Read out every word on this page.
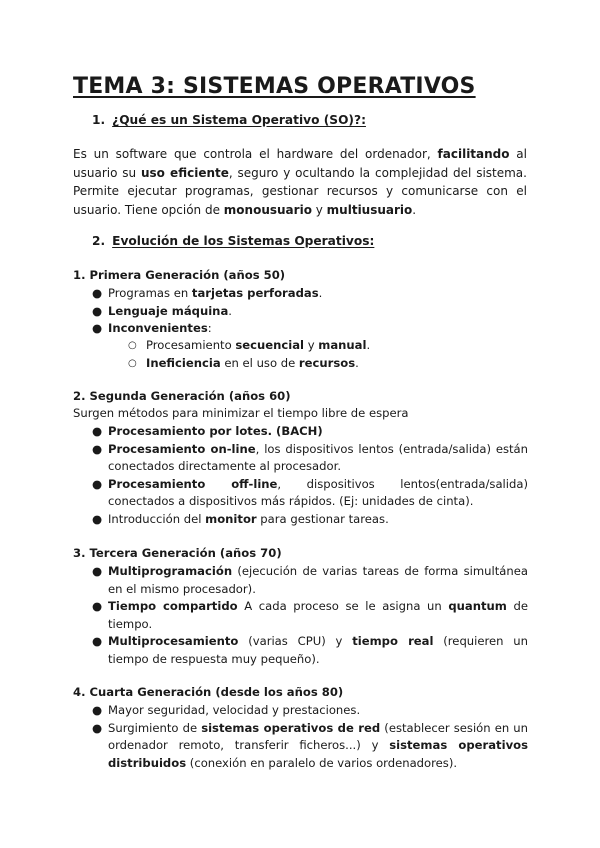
TEMA 3: SISTEMAS OPERATIVOS
1. ¿Qué es un Sistema Operativo (SO)?:

Es un software que controla el hardware del ordenador, facilitando al usuario su uso eficiente, seguro y ocultando la complejidad del sistema. Permite ejecutar programas, gestionar recursos y comunicarse con el usuario. Tiene opción de monousuario y multiusuario.

2. Evolución de los Sistemas Operativos:

1. Primera Generación (años 50)

● Programas en tarjetas perforadas.
● Lenguaje máquina.
● Inconvenientes:
○ Procesamiento secuencial y manual.
○ Ineficiencia en el uso de recursos.

2. Segunda Generación (años 60)

Surgen métodos para minimizar el tiempo libre de espera

● Procesamiento por lotes. (BACH)
● Procesamiento on-line, los dispositivos lentos (entrada/salida) están conectados directamente al procesador.
● Procesamiento off-line, dispositivos lentos(entrada/salida) conectados a dispositivos más rápidos. (Ej: unidades de cinta).
● Introducción del monitor para gestionar tareas.

3. Tercera Generación (años 70)

● Multiprogramación (ejecución de varias tareas de forma simultánea en el mismo procesador).
● Tiempo compartido A cada proceso se le asigna un quantum de tiempo.
● Multiprocesamiento (varias CPU) y tiempo real (requieren un tiempo de respuesta muy pequeño).

4. Cuarta Generación (desde los años 80)

● Mayor seguridad, velocidad y prestaciones.
● Surgimiento de sistemas operativos de red (establecer sesión en un ordenador remoto, transferir ficheros...) y sistemas operativos distribuidos (conexión en paralelo de varios ordenadores).
